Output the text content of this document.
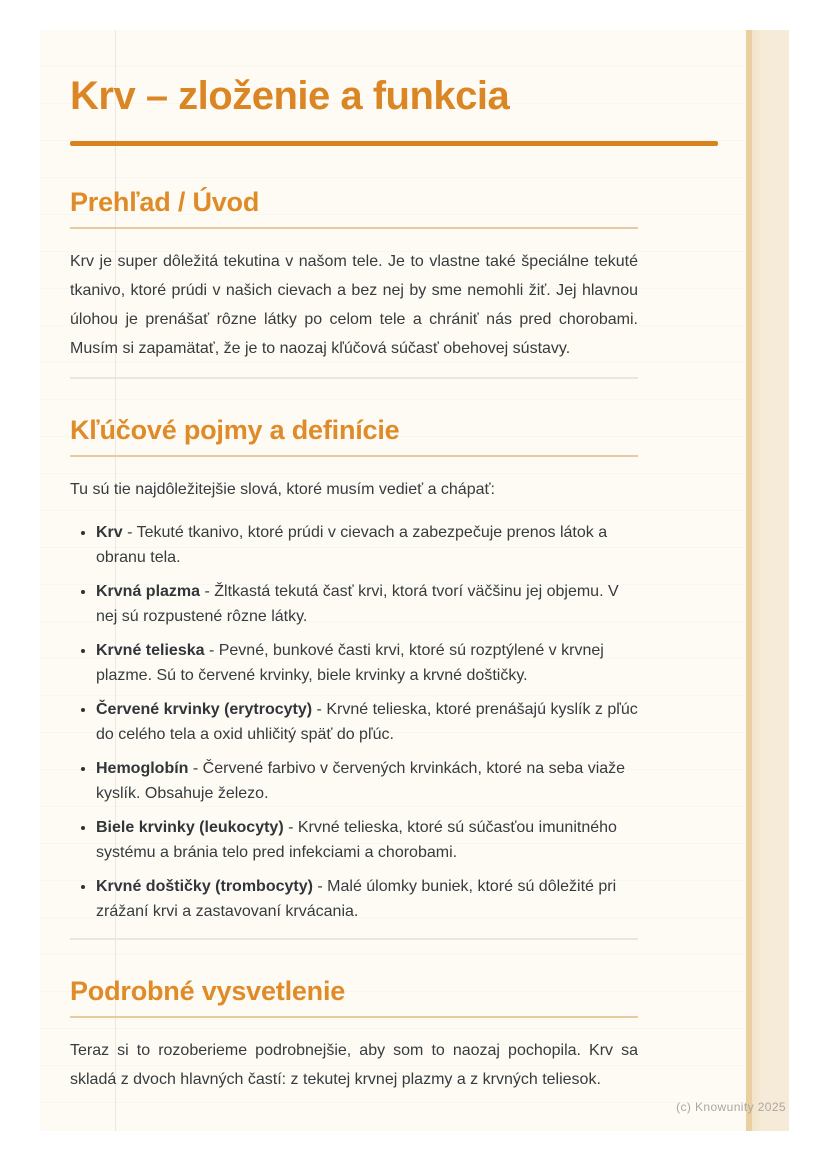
Krv – zloženie a funkcia
Prehľad / Úvod

Krv je super dôležitá tekutina v našom tele. Je to vlastne také špeciálne tekuté tkanivo, ktoré prúdi v našich cievach a bez nej by sme nemohli žiť. Jej hlavnou úlohou je prenášať rôzne látky po celom tele a chrániť nás pred chorobami. Musím si zapamätať, že je to naozaj kľúčová súčasť obehovej sústavy.

Kľúčové pojmy a definície

Tu sú tie najdôležitejšie slová, ktoré musím vedieť a chápať:

• Krv - Tekuté tkanivo, ktoré prúdi v cievach a zabezpečuje prenos látok a obranu tela.
• Krvná plazma - Žltkastá tekutá časť krvi, ktorá tvorí väčšinu jej objemu. V nej sú rozpustené rôzne látky.
• Krvné telieska - Pevné, bunkové časti krvi, ktoré sú rozptýlené v krvnej plazme. Sú to červené krvinky, biele krvinky a krvné doštičky.
• Červené krvinky (erytrocyty) - Krvné telieska, ktoré prenášajú kyslík z pľúc do celého tela a oxid uhličitý späť do pľúc.
• Hemoglobín - Červené farbivo v červených krvinkách, ktoré na seba viaže kyslík. Obsahuje železo.
• Biele krvinky (leukocyty) - Krvné telieska, ktoré sú súčasťou imunitného systému a bránia telo pred infekciami a chorobami.
• Krvné doštičky (trombocyty) - Malé úlomky buniek, ktoré sú dôležité pri zrážaní krvi a zastavovaní krvácania.
Podrobné vysvetlenie

Teraz si to rozoberieme podrobnejšie, aby som to naozaj pochopila. Krv sa skladá z dvoch hlavných častí: z tekutej krvnej plazmy a z krvných teliesok.

(c) Knowunity 2025
